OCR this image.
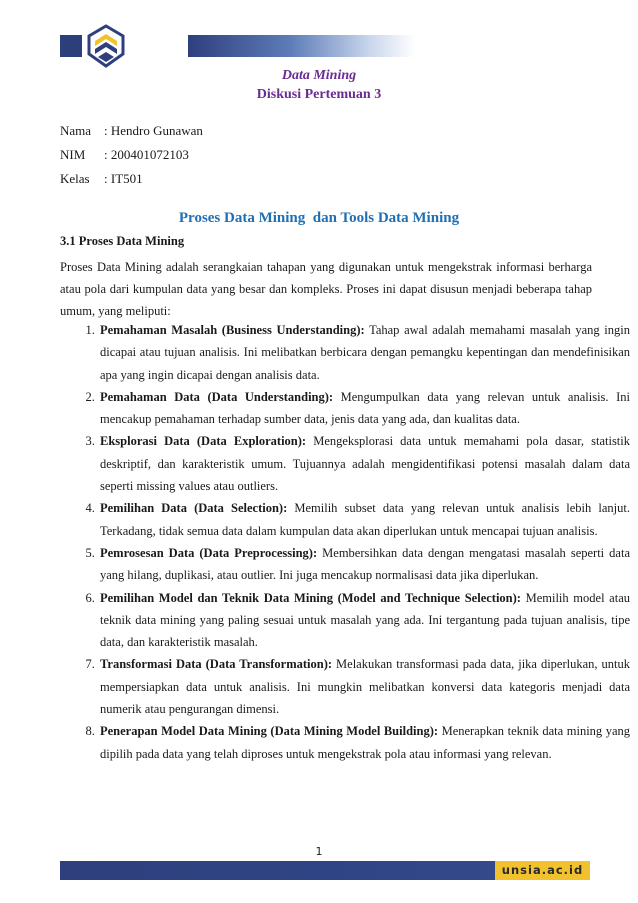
Data Mining
Diskusi Pertemuan 3
Nama : Hendro Gunawan
NIM	: 200401072103
Kelas	: IT501
Proses Data Mining  dan Tools Data Mining
3.1 Proses Data Mining
Proses Data Mining adalah serangkaian tahapan yang digunakan untuk mengekstrak informasi berharga atau pola dari kumpulan data yang besar dan kompleks. Proses ini dapat disusun menjadi beberapa tahap umum, yang meliputi:
1. Pemahaman Masalah (Business Understanding): Tahap awal adalah memahami masalah yang ingin dicapai atau tujuan analisis. Ini melibatkan berbicara dengan pemangku kepentingan dan mendefinisikan apa yang ingin dicapai dengan analisis data.
2. Pemahaman Data (Data Understanding): Mengumpulkan data yang relevan untuk analisis. Ini mencakup pemahaman terhadap sumber data, jenis data yang ada, dan kualitas data.
3. Eksplorasi Data (Data Exploration): Mengeksplorasi data untuk memahami pola dasar, statistik deskriptif, dan karakteristik umum. Tujuannya adalah mengidentifikasi potensi masalah dalam data seperti missing values atau outliers.
4. Pemilihan Data (Data Selection): Memilih subset data yang relevan untuk analisis lebih lanjut. Terkadang, tidak semua data dalam kumpulan data akan diperlukan untuk mencapai tujuan analisis.
5. Pemrosesan Data (Data Preprocessing): Membersihkan data dengan mengatasi masalah seperti data yang hilang, duplikasi, atau outlier. Ini juga mencakup normalisasi data jika diperlukan.
6. Pemilihan Model dan Teknik Data Mining (Model and Technique Selection): Memilih model atau teknik data mining yang paling sesuai untuk masalah yang ada. Ini tergantung pada tujuan analisis, tipe data, dan karakteristik masalah.
7. Transformasi Data (Data Transformation): Melakukan transformasi pada data, jika diperlukan, untuk mempersiapkan data untuk analisis. Ini mungkin melibatkan konversi data kategoris menjadi data numerik atau pengurangan dimensi.
8. Penerapan Model Data Mining (Data Mining Model Building): Menerapkan teknik data mining yang dipilih pada data yang telah diproses untuk mengekstrak pola atau informasi yang relevan.
1
unsia.ac.id
